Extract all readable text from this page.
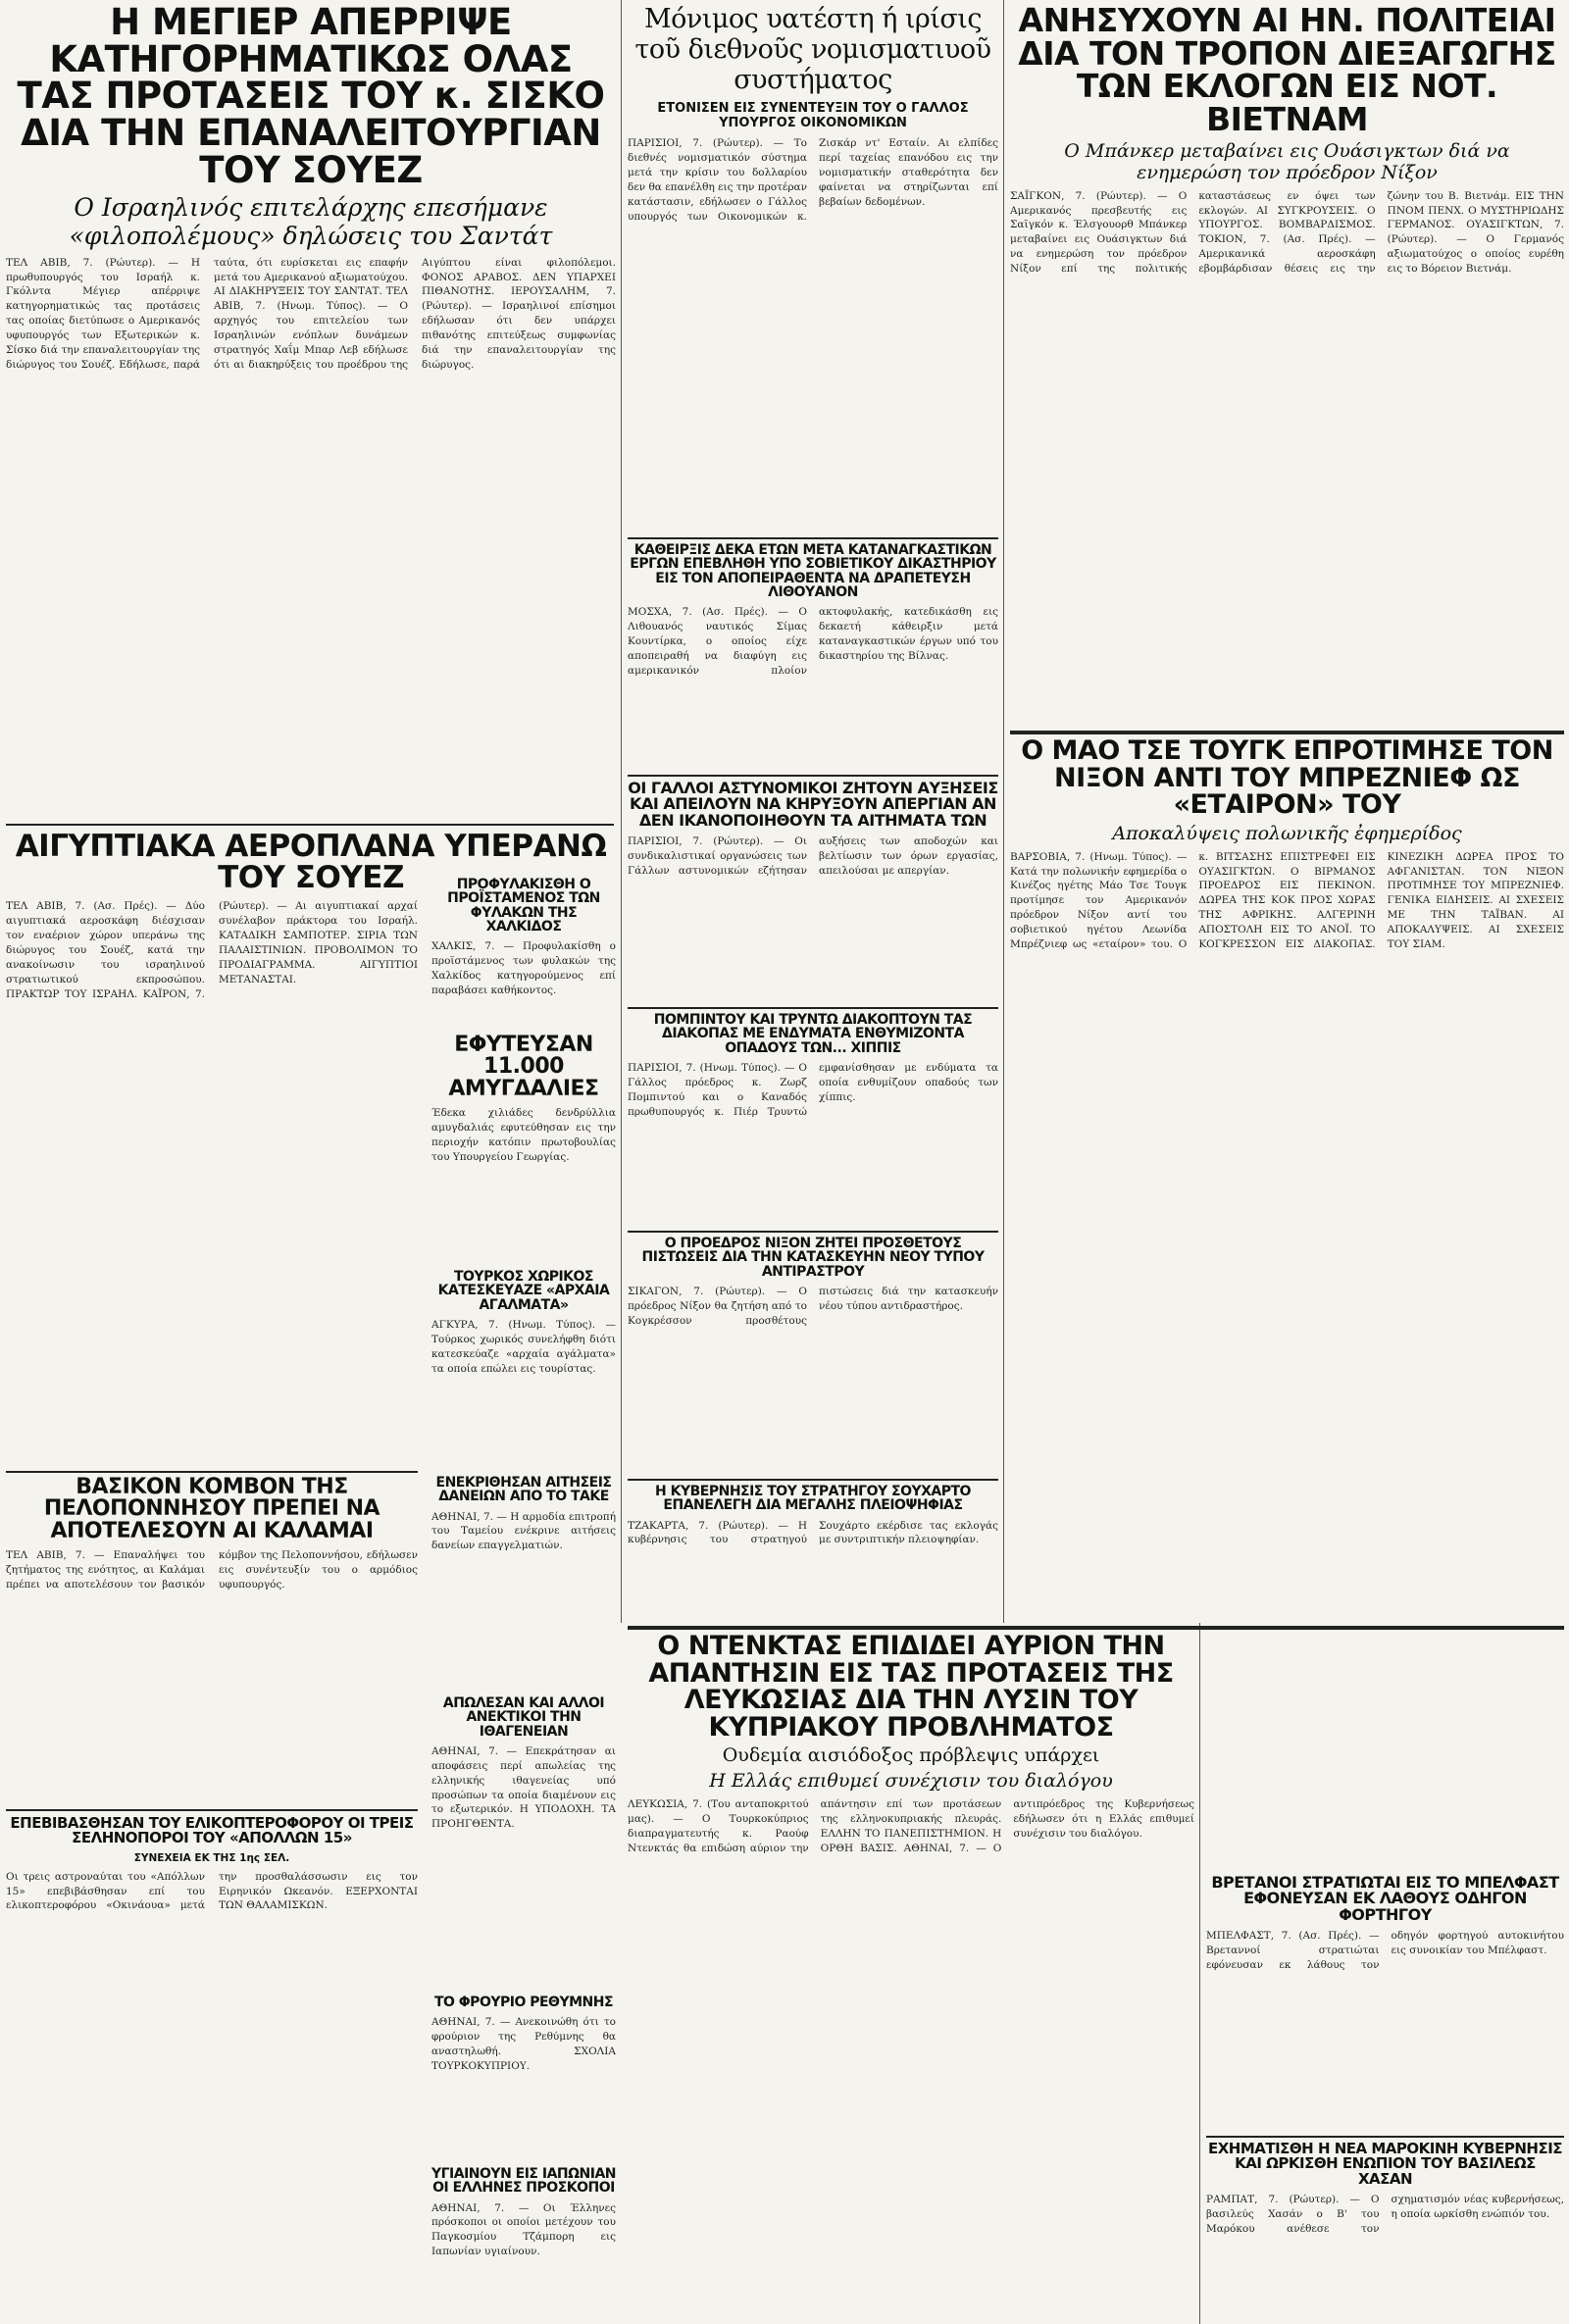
Η ΜΕΓΙΕΡ ΑΠΕΡΡΙΨΕ ΚΑΤΗΓΟΡΗΜΑΤΙΚΩΣ ΟΛΑΣ ΤΑΣ ΠΡΟΤΑΣΕΙΣ ΤΟΥ κ. ΣΙΣΚΟ ΔΙΑ ΤΗΝ ΕΠΑΝΑΛΕΙΤΟΥΡΓΙΑΝ ΤΟΥ ΣΟΥΕΖ

Ο Ισραηλινός επιτελάρχης επεσήμανε «φιλοπολέμους» δηλώσεις του Σαντάτ

ΤΕΛ ΑΒΙΒ, 7. (Ρώυτερ). — Η πρωθυπουργός του Ισραήλ κ. Γκόλντα Μέγιερ απέρριψε κατηγορηματικώς τας προτάσεις τας οποίας διετύπωσε ο Αμερικανός υφυπουργός των Εξωτερικών κ. Σίσκο διά την επαναλειτουργίαν της διώρυγος του Σουέζ. Εδήλωσε, παρά ταύτα, ότι ευρίσκεται εις επαφήν μετά του Αμερικανού αξιωματούχου. ΑΙ ΔΙΑΚΗΡΥΞΕΙΣ ΤΟΥ ΣΑΝΤΑΤ. ΤΕΛ ΑΒΙΒ, 7. (Ηνωμ. Τύπος). — Ο αρχηγός του επιτελείου των Ισραηλινών ενόπλων δυνάμεων στρατηγός Χαΐμ Μπαρ Λεβ εδήλωσε ότι αι διακηρύξεις του προέδρου της Αιγύπτου είναι φιλοπόλεμοι. ΦΟΝΟΣ ΑΡΑΒΟΣ. ΔΕΝ ΥΠΑΡΧΕΙ ΠΙΘΑΝΟΤΗΣ. ΙΕΡΟΥΣΑΛΗΜ, 7. (Ρώυτερ). — Ισραηλινοί επίσημοι εδήλωσαν ότι δεν υπάρχει πιθανότης επιτεύξεως συμφωνίας διά την επαναλειτουργίαν της διώρυγος.

ΑΙΓΥΠΤΙΑΚΑ ΑΕΡΟΠΛΑΝΑ ΥΠΕΡΑΝΩ ΤΟΥ ΣΟΥΕΖ

ΤΕΛ ΑΒΙΒ, 7. (Ασ. Πρές). — Δύο αιγυπτιακά αεροσκάφη διέσχισαν τον εναέριον χώρον υπεράνω της διώρυγος του Σουέζ, κατά την ανακοίνωσιν του ισραηλινού στρατιωτικού εκπροσώπου. ΠΡΑΚΤΩΡ ΤΟΥ ΙΣΡΑΗΛ. ΚΑΪΡΟΝ, 7. (Ρώυτερ). — Αι αιγυπτιακαί αρχαί συνέλαβον πράκτορα του Ισραήλ. ΚΑΤΑΔΙΚΗ ΣΑΜΠΟΤΕΡ. ΣΙΡΙΑ ΤΩΝ ΠΑΛΑΙΣΤΙΝΙΩΝ. ΠΡΟΒΟΛΙΜΟΝ ΤΟ ΠΡΟΔΙΑΓΡΑΜΜΑ. ΑΙΓΥΠΤΙΟΙ ΜΕΤΑΝΑΣΤΑΙ.

ΠΡΟΦΥΛΑΚΙΣΘΗ Ο ΠΡΟΪΣΤΑΜΕΝΟΣ ΤΩΝ ΦΥΛΑΚΩΝ ΤΗΣ ΧΑΛΚΙΔΟΣ

ΧΑΛΚΙΣ, 7. — Προφυλακίσθη ο προϊστάμενος των φυλακών της Χαλκίδος κατηγορούμενος επί παραβάσει καθήκοντος.

ΕΦΥΤΕΥΣΑΝ 11.000 ΑΜΥΓΔΑΛΙΕΣ

Έδεκα χιλιάδες δενδρύλλια αμυγδαλιάς εφυτεύθησαν εις την περιοχήν κατόπιν πρωτοβουλίας του Υπουργείου Γεωργίας.

ΤΟΥΡΚΟΣ ΧΩΡΙΚΟΣ ΚΑΤΕΣΚΕΥΑΖΕ «ΑΡΧΑΙΑ ΑΓΑΛΜΑΤΑ»

ΑΓΚΥΡΑ, 7. (Ηνωμ. Τύπος). — Τούρκος χωρικός συνελήφθη διότι κατεσκεύαζε «αρχαία αγάλματα» τα οποία επώλει εις τουρίστας.

ΒΑΣΙΚΟΝ ΚΟΜΒΟΝ ΤΗΣ ΠΕΛΟΠΟΝΝΗΣΟΥ ΠΡΕΠΕΙ ΝΑ ΑΠΟΤΕΛΕΣΟΥΝ ΑΙ ΚΑΛΑΜΑΙ

ΤΕΛ ΑΒΙΒ, 7. — Επαναλήψει του ζητήματος της ενότητος, αι Καλάμαι πρέπει να αποτελέσουν τον βασικόν κόμβον της Πελοποννήσου, εδήλωσεν εις συνέντευξίν του ο αρμόδιος υφυπουργός.

ΕΝΕΚΡΙΘΗΣΑΝ ΑΙΤΗΣΕΙΣ ΔΑΝΕΙΩΝ ΑΠΟ ΤΟ ΤΑΚΕ

ΑΘΗΝΑΙ, 7. — Η αρμοδία επιτροπή του Ταμείου ενέκρινε αιτήσεις δανείων επαγγελματιών.

ΕΠΕΒΙΒΑΣΘΗΣΑΝ ΤΟΥ ΕΛΙΚΟΠΤΕΡΟΦΟΡΟΥ ΟΙ ΤΡΕΙΣ ΣΕΛΗΝΟΠΟΡΟΙ ΤΟΥ «ΑΠΟΛΛΩΝ 15»
ΣΥΝΕΧΕΙΑ ΕΚ ΤΗΣ 1ης ΣΕΛ.

Οι τρεις αστροναύται του «Απόλλων 15» επεβιβάσθησαν επί του ελικοπτεροφόρου «Οκινάουα» μετά την προσθαλάσσωσιν εις τον Ειρηνικόν Ωκεανόν. ΕΞΕΡΧΟΝΤΑΙ ΤΩΝ ΘΑΛΑΜΙΣΚΩΝ.

ΑΠΩΛΕΣΑΝ ΚΑΙ ΑΛΛΟΙ ΑΝΕΚΤΙΚΟΙ ΤΗΝ ΙΘΑΓΕΝΕΙΑΝ

ΑΘΗΝΑΙ, 7. — Επεκράτησαν αι αποφάσεις περί απωλείας της ελληνικής ιθαγενείας υπό προσώπων τα οποία διαμένουν εις το εξωτερικόν. Η ΥΠΟΔΟΧΗ. ΤΑ ΠΡΟΗΓΘΕΝΤΑ.

ΤΟ ΦΡΟΥΡΙΟ ΡΕΘΥΜΝΗΣ

ΑΘΗΝΑΙ, 7. — Ανεκοινώθη ότι το φρούριον της Ρεθύμνης θα αναστηλωθή. ΣΧΟΛΙΑ ΤΟΥΡΚΟΚΥΠΡΙΟΥ.

ΥΓΙΑΙΝΟΥΝ ΕΙΣ ΙΑΠΩΝΙΑΝ ΟΙ ΕΛΛΗΝΕΣ ΠΡΟΣΚΟΠΟΙ

ΑΘΗΝΑΙ, 7. — Οι Έλληνες πρόσκοποι οι οποίοι μετέχουν του Παγκοσμίου Τζάμπορη εις Ιαπωνίαν υγιαίνουν.

Μόνιμος υατέστη ή ιρίσις τοῦ διεθνοῦς νομισματιυοῦ συστήματος
ΕΤΟΝΙΣΕΝ ΕΙΣ ΣΥΝΕΝΤΕΥΞΙΝ ΤΟΥ Ο ΓΑΛΛΟΣ ΥΠΟΥΡΓΟΣ ΟΙΚΟΝΟΜΙΚΩΝ

ΠΑΡΙΣΙΟΙ, 7. (Ρώυτερ). — Το διεθνές νομισματικόν σύστημα μετά την κρίσιν του δολλαρίου δεν θα επανέλθη εις την προτέραν κατάστασιν, εδήλωσεν ο Γάλλος υπουργός των Οικονομικών κ. Ζισκάρ ντ' Εσταίν. Αι ελπίδες περί ταχείας επανόδου εις την νομισματικήν σταθερότητα δεν φαίνεται να στηρίζωνται επί βεβαίων δεδομένων.

ΚΑΘΕΙΡΞΙΣ ΔΕΚΑ ΕΤΩΝ ΜΕΤΑ ΚΑΤΑΝΑΓΚΑΣΤΙΚΩΝ ΕΡΓΩΝ ΕΠΕΒΛΗΘΗ ΥΠΟ ΣΟΒΙΕΤΙΚΟΥ ΔΙΚΑΣΤΗΡΙΟΥ ΕΙΣ ΤΟΝ ΑΠΟΠΕΙΡΑΘΕΝΤΑ ΝΑ ΔΡΑΠΕΤΕΥΣΗ ΛΙΘΟΥΑΝΟΝ

ΜΟΣΧΑ, 7. (Ασ. Πρές). — Ο Λιθουανός ναυτικός Σίμας Κουντίρκα, ο οποίος είχε αποπειραθή να διαφύγη εις αμερικανικόν πλοίον ακτοφυλακής, κατεδικάσθη εις δεκαετή κάθειρξιν μετά καταναγκαστικών έργων υπό του δικαστηρίου της Βίλνας.

ΟΙ ΓΑΛΛΟΙ ΑΣΤΥΝΟΜΙΚΟΙ ΖΗΤΟΥΝ ΑΥΞΗΣΕΙΣ ΚΑΙ ΑΠΕΙΛΟΥΝ ΝΑ ΚΗΡΥΞΟΥΝ ΑΠΕΡΓΙΑΝ ΑΝ ΔΕΝ ΙΚΑΝΟΠΟΙΗΘΟΥΝ ΤΑ ΑΙΤΗΜΑΤΑ ΤΩΝ

ΠΑΡΙΣΙΟΙ, 7. (Ρώυτερ). — Οι συνδικαλιστικαί οργανώσεις των Γάλλων αστυνομικών εζήτησαν αυξήσεις των αποδοχών και βελτίωσιν των όρων εργασίας, απειλούσαι με απεργίαν.

ΠΟΜΠΙΝΤΟΥ ΚΑΙ ΤΡΥΝΤΩ ΔΙΑΚΟΠΤΟΥΝ ΤΑΣ ΔΙΑΚΟΠΑΣ ΜΕ ΕΝΔΥΜΑΤΑ ΕΝΘΥΜΙΖΟΝΤΑ ΟΠΑΔΟΥΣ ΤΩΝ... ΧΙΠΠΙΣ

ΠΑΡΙΣΙΟΙ, 7. (Ηνωμ. Τύπος). — Ο Γάλλος πρόεδρος κ. Ζωρζ Πομπιντού και ο Καναδός πρωθυπουργός κ. Πιέρ Τρυντώ εμφανίσθησαν με ενδύματα τα οποία ενθυμίζουν οπαδούς των χίππις.

Ο ΠΡΟΕΔΡΟΣ ΝΙΞΟΝ ΖΗΤΕΙ ΠΡΟΣΘΕΤΟΥΣ ΠΙΣΤΩΣΕΙΣ ΔΙΑ ΤΗΝ ΚΑΤΑΣΚΕΥΗΝ ΝΕΟΥ ΤΥΠΟΥ ΑΝΤΙΡΑΣΤΡΟΥ

ΣΙΚΑΓΟΝ, 7. (Ρώυτερ). — Ο πρόεδρος Νίξον θα ζητήση από το Κογκρέσσον προσθέτους πιστώσεις διά την κατασκευήν νέου τύπου αντιδραστήρος.

Η ΚΥΒΕΡΝΗΣΙΣ ΤΟΥ ΣΤΡΑΤΗΓΟΥ ΣΟΥΧΑΡΤΟ ΕΠΑΝΕΛΕΓΗ ΔΙΑ ΜΕΓΑΛΗΣ ΠΛΕΙΟΨΗΦΙΑΣ

ΤΖΑΚΑΡΤΑ, 7. (Ρώυτερ). — Η κυβέρνησις του στρατηγού Σουχάρτο εκέρδισε τας εκλογάς με συντριπτικήν πλειοψηφίαν.

ΑΝΗΣΥΧΟΥΝ ΑΙ ΗΝ. ΠΟΛΙΤΕΙΑΙ ΔΙΑ ΤΟΝ ΤΡΟΠΟΝ ΔΙΕΞΑΓΩΓΗΣ ΤΩΝ ΕΚΛΟΓΩΝ ΕΙΣ ΝΟΤ. ΒΙΕΤΝΑΜ

Ο Μπάνκερ μεταβαίνει εις Ουάσιγκτων διά να ενημερώση τον πρόεδρον Νίξον

ΣΑΪΓΚΟΝ, 7. (Ρώυτερ). — Ο Αμερικανός πρεσβευτής εις Σαϊγκόν κ. Έλσγουορθ Μπάνκερ μεταβαίνει εις Ουάσιγκτων διά να ενημερώση τον πρόεδρον Νίξον επί της πολιτικής καταστάσεως εν όψει των εκλογών. ΑΙ ΣΥΓΚΡΟΥΣΕΙΣ. Ο ΥΠΟΥΡΓΟΣ. ΒΟΜΒΑΡΔΙΣΜΟΣ. ΤΟΚΙΟΝ, 7. (Ασ. Πρές). — Αμερικανικά αεροσκάφη εβομβάρδισαν θέσεις εις την ζώνην του Β. Βιετνάμ. ΕΙΣ ΤΗΝ ΠΝΟΜ ΠΕΝΧ. Ο ΜΥΣΤΗΡΙΩΔΗΣ ΓΕΡΜΑΝΟΣ. ΟΥΑΣΙΓΚΤΩΝ, 7. (Ρώυτερ). — Ο Γερμανός αξιωματούχος ο οποίος ευρέθη εις το Βόρειον Βιετνάμ.

Ο ΜΑΟ ΤΣΕ ΤΟΥΓΚ ΕΠΡΟΤΙΜΗΣΕ ΤΟΝ ΝΙΞΟΝ ΑΝΤΙ ΤΟΥ ΜΠΡΕΖΝΙΕΦ ΩΣ «ΕΤΑΙΡΟΝ» ΤΟΥ

Αποκαλύψεις πολωνικῆς ἐφημερίδος

ΒΑΡΣΟΒΙΑ, 7. (Ηνωμ. Τύπος). — Κατά την πολωνικήν εφημερίδα ο Κινέζος ηγέτης Μάο Τσε Τουγκ προτίμησε τον Αμερικανόν πρόεδρον Νίξον αντί του σοβιετικού ηγέτου Λεωνίδα Μπρέζνιεφ ως «εταίρον» του. Ο κ. ΒΙΤΣΑΣΗΣ ΕΠΙΣΤΡΕΦΕΙ ΕΙΣ ΟΥΑΣΙΓΚΤΩΝ. Ο ΒΙΡΜΑΝΟΣ ΠΡΟΕΔΡΟΣ ΕΙΣ ΠΕΚΙΝΟΝ. ΔΩΡΕΑ ΤΗΣ ΚΟΚ ΠΡΟΣ ΧΩΡΑΣ ΤΗΣ ΑΦΡΙΚΗΣ. ΑΛΓΕΡΙΝΗ ΑΠΟΣΤΟΛΗ ΕΙΣ ΤΟ ΑΝΟΪ. ΤΟ ΚΟΓΚΡΕΣΣΟΝ ΕΙΣ ΔΙΑΚΟΠΑΣ. ΚΙΝΕΖΙΚΗ ΔΩΡΕΑ ΠΡΟΣ ΤΟ ΑΦΓΑΝΙΣΤΑΝ. ΤΟΝ ΝΙΞΟΝ ΠΡΟΤΙΜΗΣΕ ΤΟΥ ΜΠΡΕΖΝΙΕΦ. ΓΕΝΙΚΑ ΕΙΔΗΣΕΙΣ. ΑΙ ΣΧΕΣΕΙΣ ΜΕ ΤΗΝ ΤΑΪΒΑΝ. ΑΙ ΑΠΟΚΑΛΥΨΕΙΣ. ΑΙ ΣΧΕΣΕΙΣ ΤΟΥ ΣΙΑΜ.

Ο ΝΤΕΝΚΤΑΣ ΕΠΙΔΙΔΕΙ ΑΥΡΙΟΝ ΤΗΝ ΑΠΑΝΤΗΣΙΝ ΕΙΣ ΤΑΣ ΠΡΟΤΑΣΕΙΣ ΤΗΣ ΛΕΥΚΩΣΙΑΣ ΔΙΑ ΤΗΝ ΛΥΣΙΝ ΤΟΥ ΚΥΠΡΙΑΚΟΥ ΠΡΟΒΛΗΜΑΤΟΣ

Ουδεμία αισιόδοξος πρόβλεψις υπάρχει

Η Ελλάς επιθυμεί συνέχισιν του διαλόγου

ΛΕΥΚΩΣΙΑ, 7. (Του ανταποκριτού μας). — Ο Τουρκοκύπριος διαπραγματευτής κ. Ραούφ Ντενκτάς θα επιδώση αύριον την απάντησιν επί των προτάσεων της ελληνοκυπριακής πλευράς. ΕΛΛΗΝ ΤΟ ΠΑΝΕΠΙΣΤΗΜΙΟΝ. Η ΟΡΘΗ ΒΑΣΙΣ. ΑΘΗΝΑΙ, 7. — Ο αντιπρόεδρος της Κυβερνήσεως εδήλωσεν ότι η Ελλάς επιθυμεί συνέχισιν του διαλόγου.

ΒΡΕΤΑΝΟΙ ΣΤΡΑΤΙΩΤΑΙ ΕΙΣ ΤΟ ΜΠΕΛΦΑΣΤ ΕΦΟΝΕΥΣΑΝ ΕΚ ΛΑΘΟΥΣ ΟΔΗΓΟΝ ΦΟΡΤΗΓΟΥ

ΜΠΕΛΦΑΣΤ, 7. (Ασ. Πρές). — Βρεταννοί στρατιώται εφόνευσαν εκ λάθους τον οδηγόν φορτηγού αυτοκινήτου εις συνοικίαν του Μπέλφαστ.

ΕΧΗΜΑΤΙΣΘΗ Η ΝΕΑ ΜΑΡΟΚΙΝΗ ΚΥΒΕΡΝΗΣΙΣ ΚΑΙ ΩΡΚΙΣΘΗ ΕΝΩΠΙΟΝ ΤΟΥ ΒΑΣΙΛΕΩΣ ΧΑΣΑΝ

ΡΑΜΠΑΤ, 7. (Ρώυτερ). — Ο βασιλεύς Χασάν ο Β' του Μαρόκου ανέθεσε τον σχηματισμόν νέας κυβερνήσεως, η οποία ωρκίσθη ενώπιόν του.
